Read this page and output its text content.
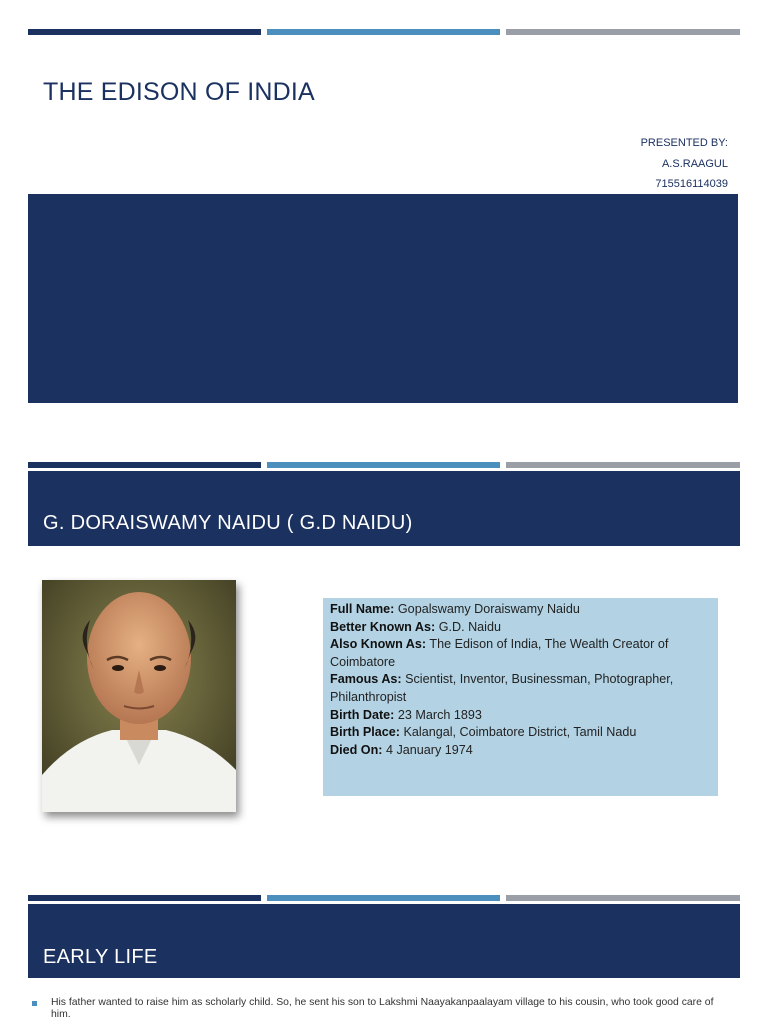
THE EDISON OF INDIA
PRESENTED BY:
A.S.RAAGUL
715516114039
G. DORAISWAMY NAIDU ( G.D NAIDU)
Full Name: Gopalswamy Doraiswamy Naidu
Better Known As: G.D. Naidu
Also Known As: The Edison of India, The Wealth Creator of Coimbatore
Famous As: Scientist, Inventor, Businessman, Photographer, Philanthropist
Birth Date: 23 March 1893
Birth Place: Kalangal, Coimbatore District, Tamil Nadu
Died On: 4 January 1974
EARLY LIFE
His father wanted to raise him as scholarly child. So, he sent his son to Lakshmi Naayakanpaalayam village to his cousin, who took good care of him.
